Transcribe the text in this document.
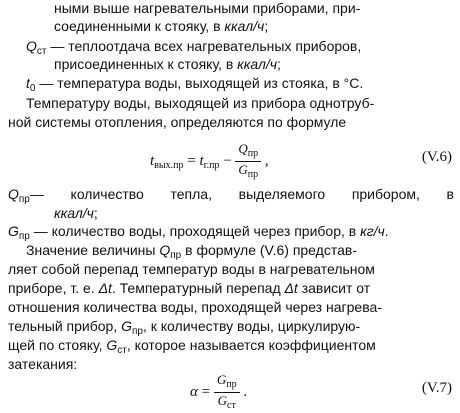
ными выше нагревательными приборами, при-
соединенными к стояку, в ккал/ч;
$Q_{ст}$ — теплоотдача всех нагревательных приборов,
присоединенных к стояку, в ккал/ч;
$t_0$ — температура воды, выходящей из стояка, в °С.
Температуру воды, выходящей из прибора однотруб-
ной системы отопления, определяются по формуле
$t_{вых.пр} = t_{г.пр} - \frac{Q_{пр}}{G_{пр}}$ ,	(V.6)
$Q_{пр}$ — количество тепла, выделяемого прибором, в
ккал/ч;
$G_{пр}$ — количество воды, проходящей через прибор, в кг/ч.
Значение величины $Q_{пр}$ в формуле (V.6) представ-
ляет собой перепад температур воды в нагревательном
приборе, т. е. Δt. Температурный перепад Δt зависит от
отношения количества воды, проходящей через нагрева-
тельный прибор, $G_{пр}$, к количеству воды, циркулирую-
щей по стояку, $G_{ст}$, которое называется коэффициентом
затекания:
$\alpha = \frac{G_{пр}}{G_{ст}}$ .	(V.7)
